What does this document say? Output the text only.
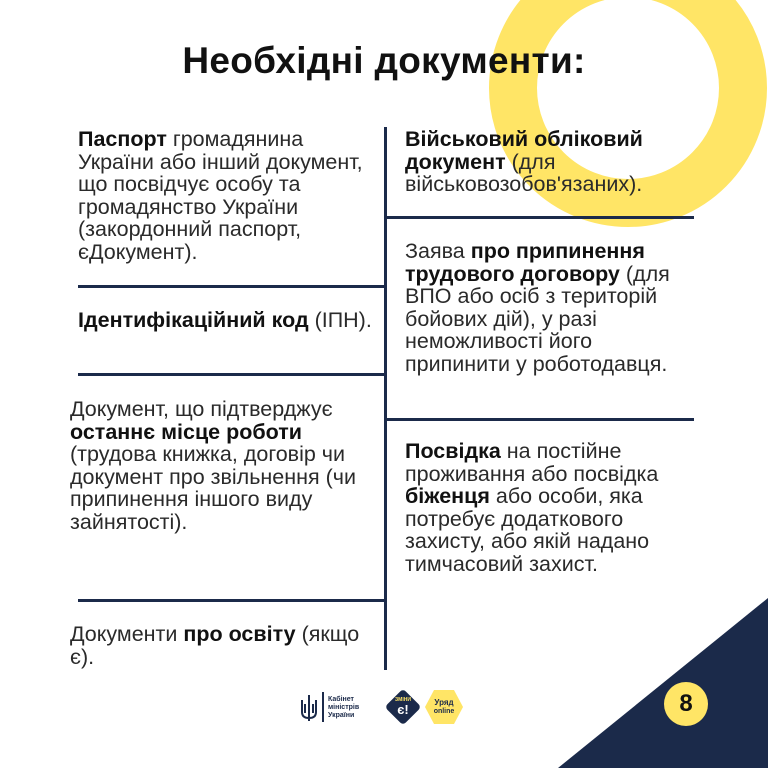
Необхідні документи:
Паспорт громадянина України або інший документ, що посвідчує особу та громадянство України (закордонний паспорт, єДокумент).
Ідентифікаційний код (ІПН).
Документ, що підтверджує останнє місце роботи (трудова книжка, договір чи документ про звільнення (чи припинення іншого виду зайнятості).
Документи про освіту (якщо є).
Військовий обліковий документ (для військовозобов'язаних).
Заява про припинення трудового договору (для ВПО або осіб з територій бойових дій), у разі неможливості його припинити у роботодавця.
Посвідка на постійне проживання або посвідка біженця або особи, яка потребує додаткового захисту, або якій надано тимчасовий захист.
Кабінет
міністрів
України
ЗМІНИ
є!	Уряд
online	8
